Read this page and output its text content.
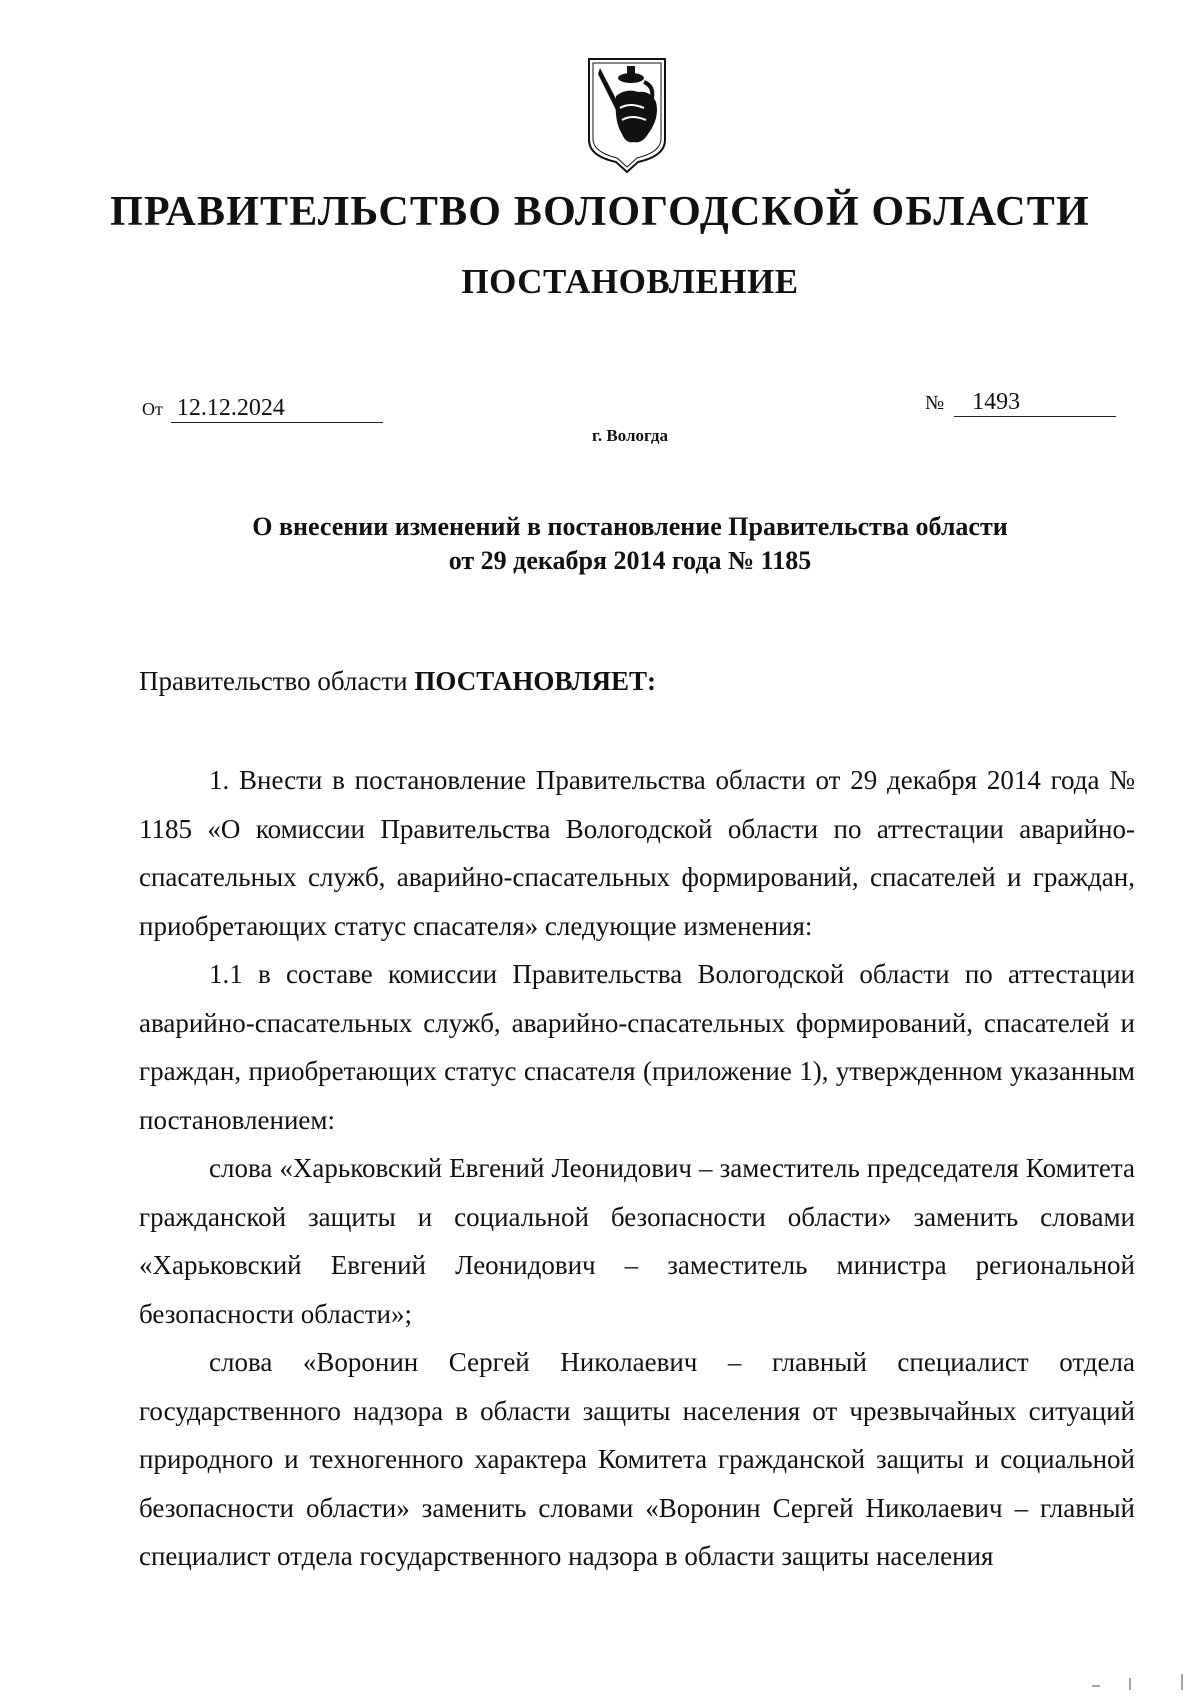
ПРАВИТЕЛЬСТВО ВОЛОГОДСКОЙ ОБЛАСТИ
ПОСТАНОВЛЕНИЕ
От 12.12.2024	№ 1493
г. Вологда
О внесении изменений в постановление Правительства области
от 29 декабря 2014 года № 1185
Правительство области ПОСТАНОВЛЯЕТ:

1. Внести в постановление Правительства области от 29 декабря 2014 года № 1185 «О комиссии Правительства Вологодской области по аттестации аварийно-спасательных служб, аварийно-спасательных формирований, спасателей и граждан, приобретающих статус спасателя» следующие изменения:

1.1 в составе комиссии Правительства Вологодской области по аттестации аварийно-спасательных служб, аварийно-спасательных формирований, спасателей и граждан, приобретающих статус спасателя (приложение 1), утвержденном указанным постановлением:

слова «Харьковский Евгений Леонидович – заместитель председателя Комитета гражданской защиты и социальной безопасности области» заменить словами «Харьковский Евгений Леонидович – заместитель министра региональной безопасности области»;

слова «Воронин Сергей Николаевич – главный специалист отдела государственного надзора в области защиты населения от чрезвычайных ситуаций природного и техногенного характера Комитета гражданской защиты и социальной безопасности области» заменить словами «Воронин Сергей Николаевич – главный специалист отдела государственного надзора в области защиты населения
